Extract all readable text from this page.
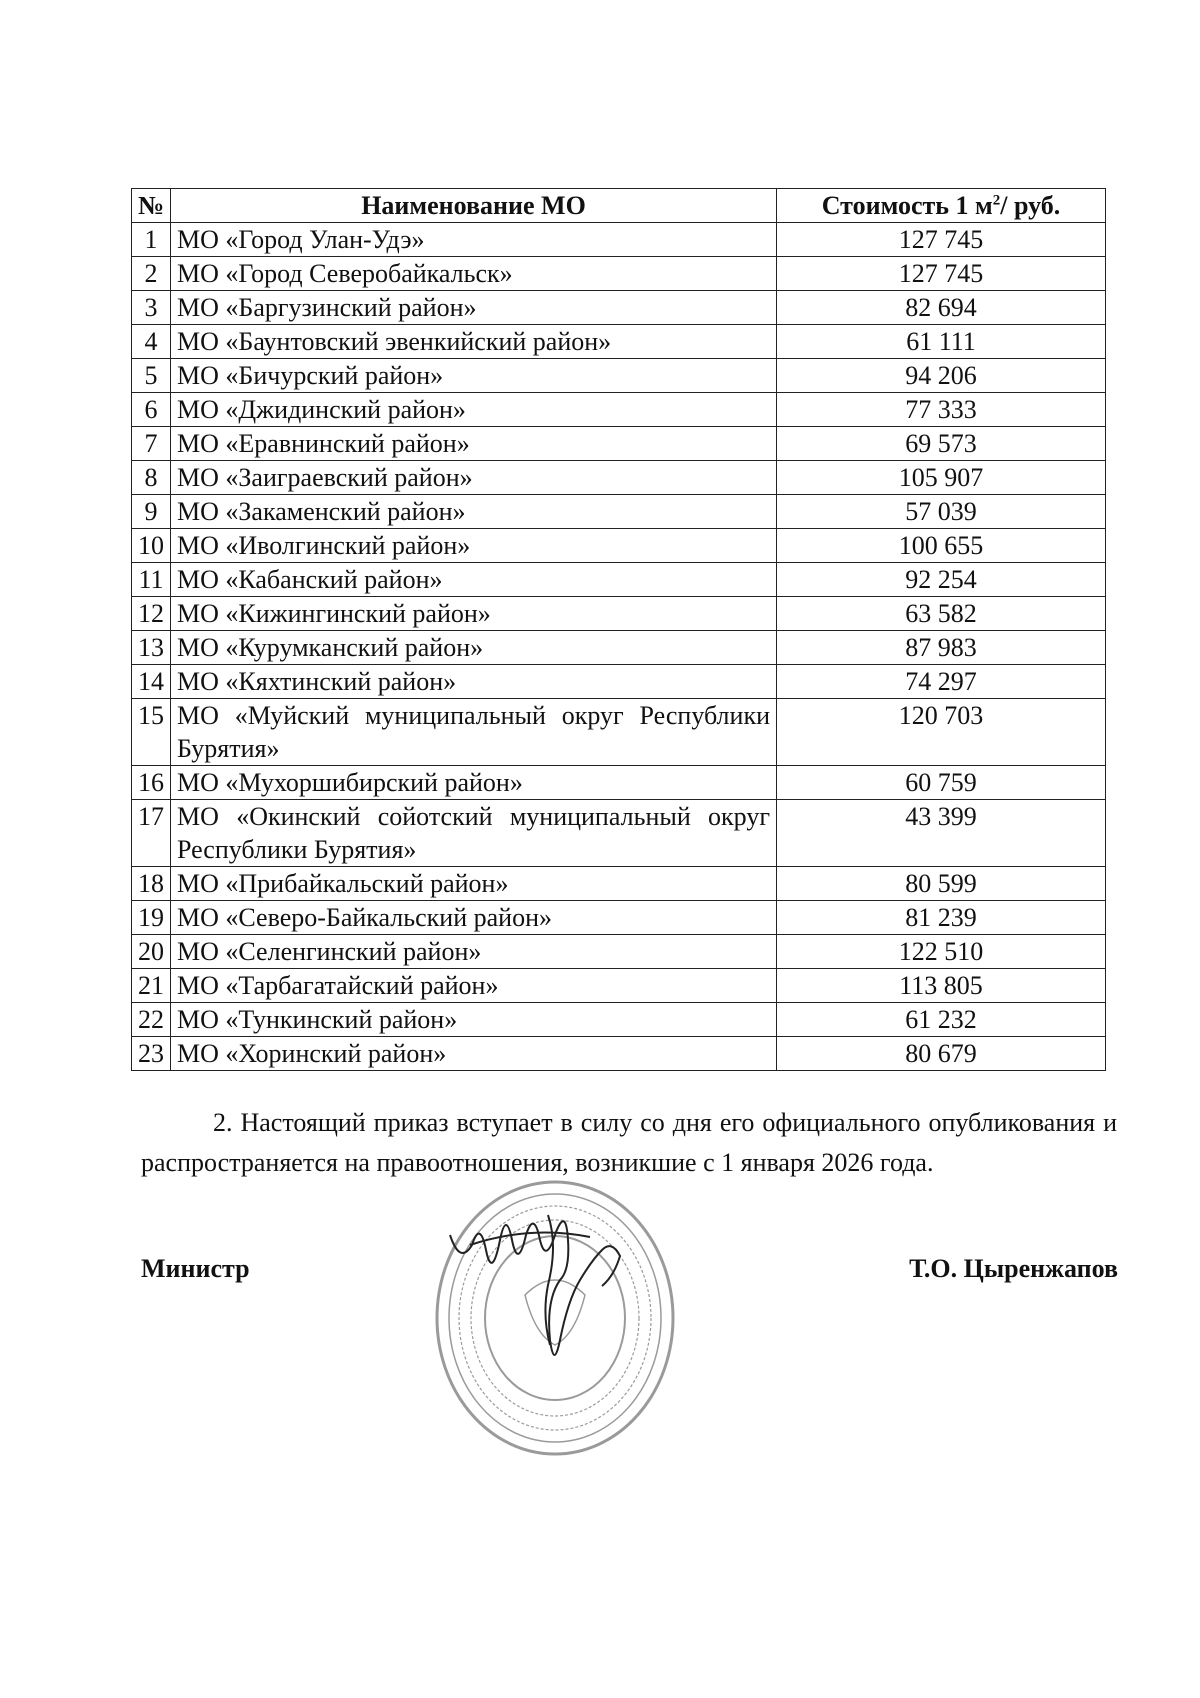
№	Наименование МО	Стоимость 1 $м^2/$ руб.
1	МО «Город Улан-Удэ»	127 745
2	МО «Город Северобайкальск»	127 745
3	МО «Баргузинский район»	82 694
4	МО «Баунтовский эвенкийский район»	61 111
5	МО «Бичурский район»	94 206
6	МО «Джидинский район»	77 333
7	МО «Еравнинский район»	69 573
8	МО «Заиграевский район»	105 907
9	МО «Закаменский район»	57 039
10	МО «Иволгинский район»	100 655
11	МО «Кабанский район»	92 254
12	МО «Кижингинский район»	63 582
13	МО «Курумканский район»	87 983
14	МО «Кяхтинский район»	74 297
15	МО «Муйский муниципальный округ Республики Бурятия»	120 703
16	МО «Мухоршибирский район»	60 759
17	МО «Окинский сойотский муниципальный округ Республики Бурятия»	43 399
18	МО «Прибайкальский район»	80 599
19	МО «Северо-Байкальский район»	81 239
20	МО «Селенгинский район»	122 510
21	МО «Тарбагатайский район»	113 805
22	МО «Тункинский район»	61 232
23	МО «Хоринский район»	80 679

2. Настоящий приказ вступает в силу со дня его официального опубликования и распространяется на правоотношения, возникшие с 1 января 2026 года.

Министр	Т.О. Цыренжапов
